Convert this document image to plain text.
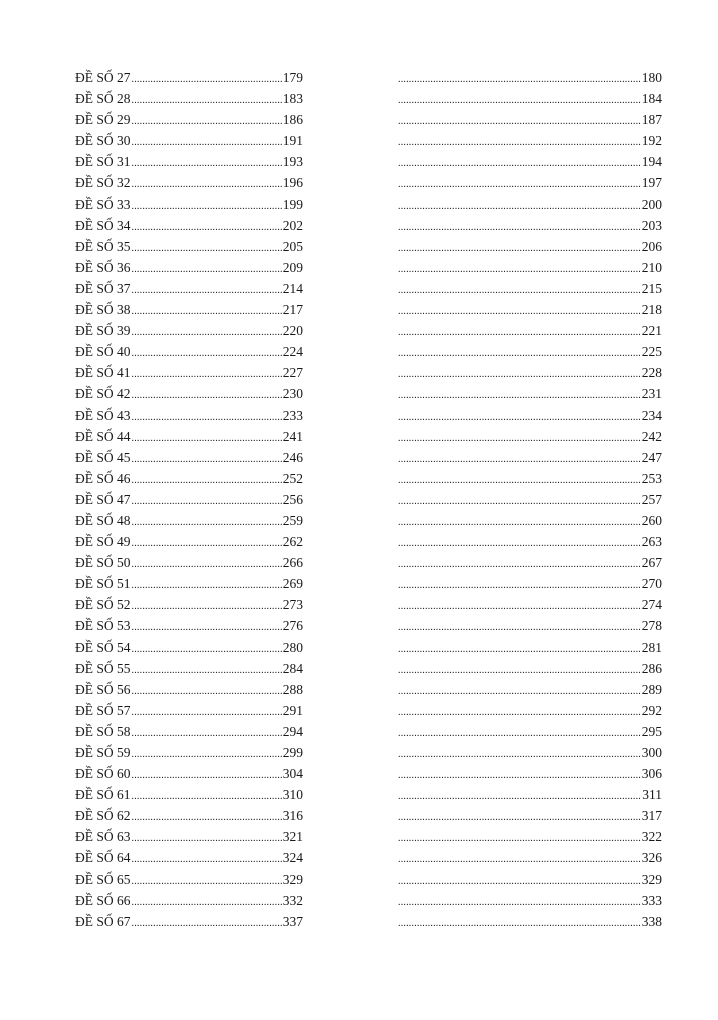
ĐỀ SỐ 27 .....	179 .....	180
ĐỀ SỐ 28 .....	183 .....	184
ĐỀ SỐ 29 .....	186 .....	187
ĐỀ SỐ 30 .....	191 .....	192
ĐỀ SỐ 31 .....	193 .....	194
ĐỀ SỐ 32 .....	196 .....	197
ĐỀ SỐ 33 .....	199 .....	200
ĐỀ SỐ 34 .....	202 .....	203
ĐỀ SỐ 35 .....	205 .....	206
ĐỀ SỐ 36 .....	209 .....	210
ĐỀ SỐ 37 .....	214 .....	215
ĐỀ SỐ 38 .....	217 .....	218
ĐỀ SỐ 39 .....	220 .....	221
ĐỀ SỐ 40 .....	224 .....	225
ĐỀ SỐ 41 .....	227 .....	228
ĐỀ SỐ 42 .....	230 .....	231
ĐỀ SỐ 43 .....	233 .....	234
ĐỀ SỐ 44 .....	241 .....	242
ĐỀ SỐ 45 .....	246 .....	247
ĐỀ SỐ 46 .....	252 .....	253
ĐỀ SỐ 47 .....	256 .....	257
ĐỀ SỐ 48 .....	259 .....	260
ĐỀ SỐ 49 .....	262 .....	263
ĐỀ SỐ 50 .....	266 .....	267
ĐỀ SỐ 51 .....	269 .....	270
ĐỀ SỐ 52 .....	273 .....	274
ĐỀ SỐ 53 .....	276 .....	278
ĐỀ SỐ 54 .....	280 .....	281
ĐỀ SỐ 55 .....	284 .....	286
ĐỀ SỐ 56 .....	288 .....	289
ĐỀ SỐ 57 .....	291 .....	292
ĐỀ SỐ 58 .....	294 .....	295
ĐỀ SỐ 59 .....	299 .....	300
ĐỀ SỐ 60 .....	304 .....	306
ĐỀ SỐ 61 .....	310 .....	311
ĐỀ SỐ 62 .....	316 .....	317
ĐỀ SỐ 63 .....	321 .....	322
ĐỀ SỐ 64 .....	324 .....	326
ĐỀ SỐ 65 .....	329 .....	329
ĐỀ SỐ 66 .....	332 .....	333
ĐỀ SỐ 67 .....	337 .....	338
